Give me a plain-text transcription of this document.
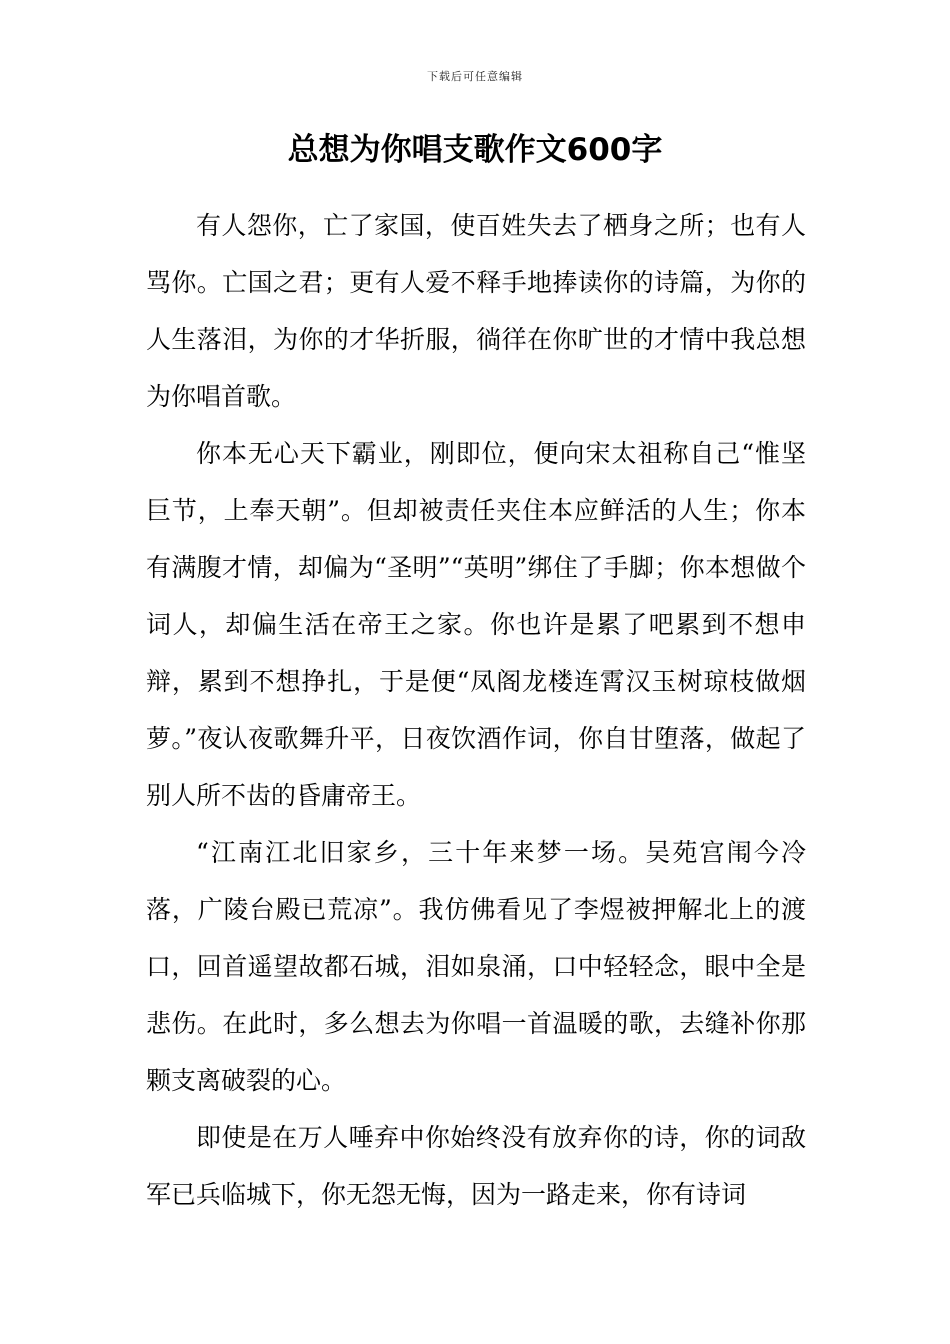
下载后可任意编辑
总想为你唱支歌作文600字

有人怨你，亡了家国，使百姓失去了栖身之所；也有人骂你。亡国之君；更有人爱不释手地捧读你的诗篇，为你的人生落泪，为你的才华折服，徜徉在你旷世的才情中我总想为你唱首歌。

你本无心天下霸业，刚即位，便向宋太祖称自己“惟坚巨节，上奉天朝”。但却被责任夹住本应鲜活的人生；你本有满腹才情，却偏为“圣明”“英明”绑住了手脚；你本想做个词人，却偏生活在帝王之家。你也许是累了吧累到不想申辩，累到不想挣扎，于是便“凤阁龙楼连霄汉玉树琼枝做烟萝。”夜认夜歌舞升平，日夜饮酒作词，你自甘堕落，做起了别人所不齿的昏庸帝王。

“江南江北旧家乡，三十年来梦一场。吴苑宫闱今冷落，广陵台殿已荒凉”。我仿佛看见了李煜被押解北上的渡口，回首遥望故都石城，泪如泉涌，口中轻轻念，眼中全是悲伤。在此时，多么想去为你唱一首温暖的歌，去缝补你那颗支离破裂的心。

即使是在万人唾弃中你始终没有放弃你的诗，你的词敌军已兵临城下，你无怨无悔，因为一路走来，你有诗词
